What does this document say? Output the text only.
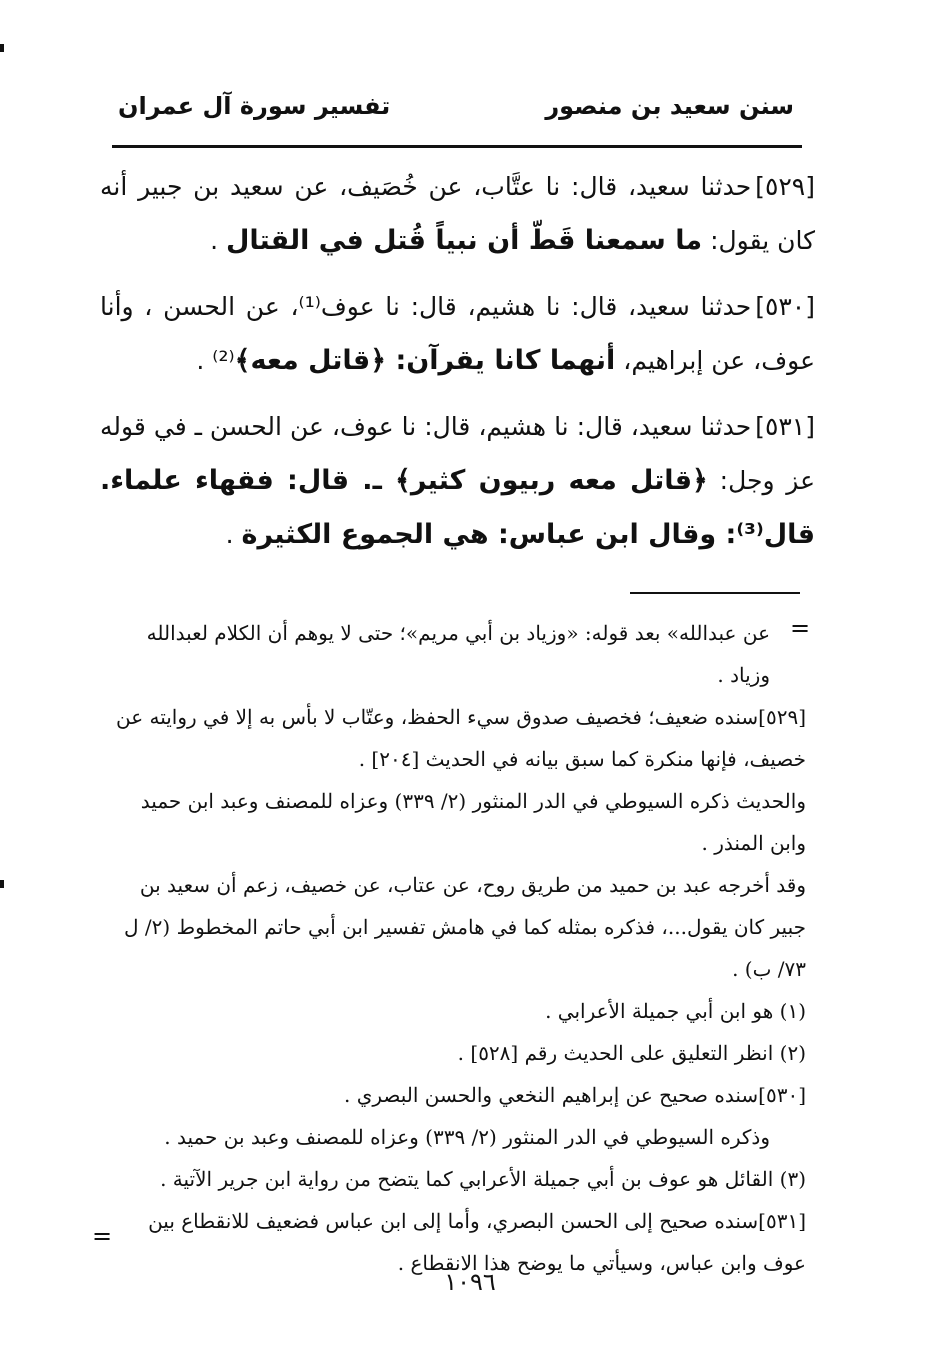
سنن سعيد بن منصور
تفسير سورة آل عمران

[٥٢٩]حدثنا سعيد، قال: نا عتَّاب، عن خُصَيف، عن سعيد بن جبير أنه كان يقول: ما سمعنا قَطّ أن نبياً قُتل في القتال .

[٥٣٠]حدثنا سعيد، قال: نا هشيم، قال: نا عوف⁽¹⁾، عن الحسن ، وأنا عوف، عن إبراهيم، أنهما كانا يقرآن: ﴿قاتل معه﴾⁽²⁾ .

[٥٣١]حدثنا سعيد، قال: نا هشيم، قال: نا عوف، عن الحسن ـ في قوله عز وجل: ﴿قاتل معه ربيون كثير﴾ ـ. قال: فقهاء علماء. قال⁽³⁾: وقال ابن عباس: هي الجموع الكثيرة .

=
عن عبدالله» بعد قوله: «وزياد بن أبي مريم»؛ حتى لا يوهم أن الكلام لعبدالله وزياد .
[٥٢٩]سنده ضعيف؛ فخصيف صدوق سيء الحفظ، وعتّاب لا بأس به إلا في روايته عن خصيف، فإنها منكرة كما سبق بيانه في الحديث [٢٠٤] .
والحديث ذكره السيوطي في الدر المنثور (٢/ ٣٣٩) وعزاه للمصنف وعبد ابن حميد وابن المنذر .
وقد أخرجه عبد بن حميد من طريق روح، عن عتاب، عن خصيف، زعم أن سعيد بن جبير كان يقول...، فذكره بمثله كما في هامش تفسير ابن أبي حاتم المخطوط (٢/ ل ٧٣/ ب) .
(١) هو ابن أبي جميلة الأعرابي .
(٢) انظر التعليق على الحديث رقم [٥٢٨] .
[٥٣٠]سنده صحيح عن إبراهيم النخعي والحسن البصري .
وذكره السيوطي في الدر المنثور (٢/ ٣٣٩) وعزاه للمصنف وعبد بن حميد .
(٣) القائل هو عوف بن أبي جميلة الأعرابي كما يتضح من رواية ابن جرير الآتية .
[٥٣١]سنده صحيح إلى الحسن البصري، وأما إلى ابن عباس فضعيف للانقطاع بين عوف وابن عباس، وسيأتي ما يوضح هذا الانقطاع .
=
١٠٩٦
